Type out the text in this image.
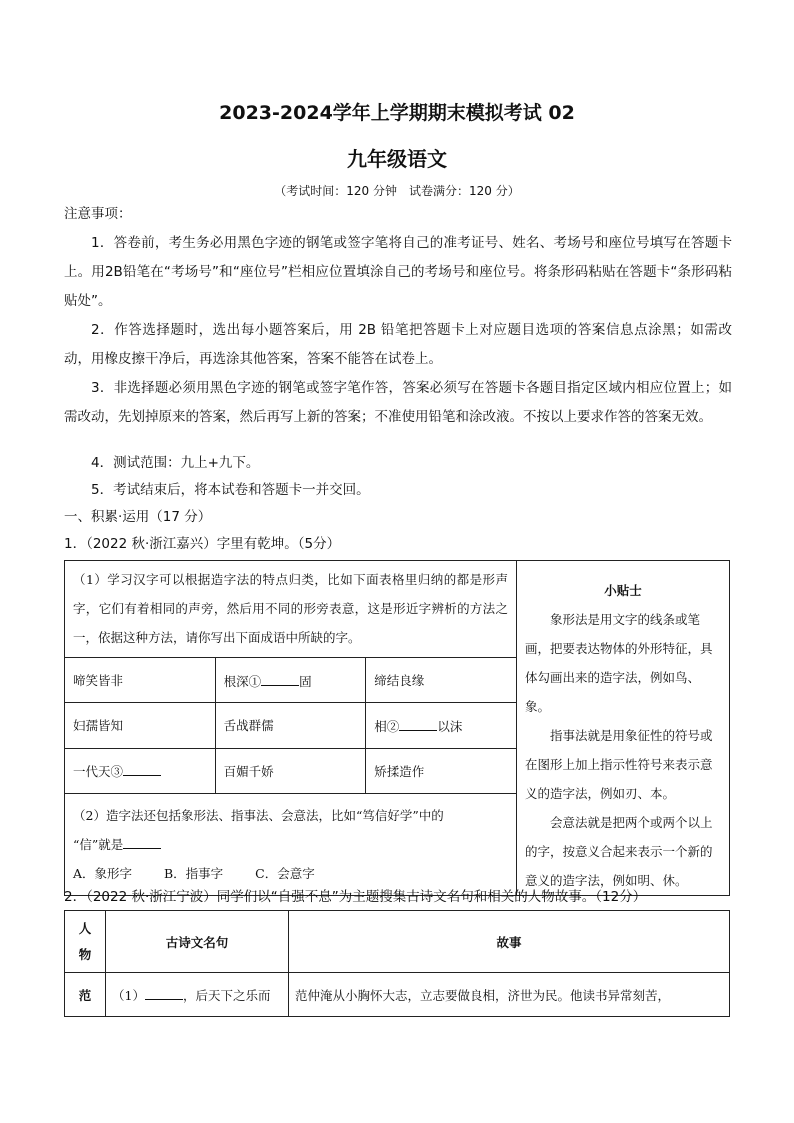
2023-2024学年上学期期末模拟考试 02
九年级语文
（考试时间：120 分钟　试卷满分：120 分）
注意事项：
1．答卷前，考生务必用黑色字迹的钢笔或签字笔将自己的准考证号、姓名、考场号和座位号填写在答题卡上。用2B铅笔在“考场号”和“座位号”栏相应位置填涂自己的考场号和座位号。将条形码粘贴在答题卡“条形码粘贴处”。
2．作答选择题时，选出每小题答案后，用 2B 铅笔把答题卡上对应题目选项的答案信息点涂黑；如需改动，用橡皮擦干净后，再选涂其他答案，答案不能答在试卷上。
3．非选择题必须用黑色字迹的钢笔或签字笔作答，答案必须写在答题卡各题目指定区域内相应位置上；如需改动，先划掉原来的答案，然后再写上新的答案；不准使用铅笔和涂改液。不按以上要求作答的答案无效。
4．测试范围：九上+九下。
5．考试结束后，将本试卷和答题卡一并交回。
一、积累·运用（17 分）
1．（2022 秋·浙江嘉兴）字里有乾坤。（5分）
（1）学习汉字可以根据造字法的特点归类，比如下面表格里归纳的都是形声字，它们有着相同的声旁，然后用不同的形旁表意，这是形近字辨析的方法之一，依据这种方法，请你写出下面成语中所缺的字。			小贴士

象形法是用文字的线条或笔画，把要表达物体的外形特征，具体勾画出来的造字法，例如鸟、象。

指事法就是用象征性的符号或在图形上加上指示性符号来表示意义的造字法，例如刃、本。

会意法就是把两个或两个以上的字，按意义合起来表示一个新的意义的造字法，例如明、休。

啼笑皆非	根深① 固	缔结良缘	
妇孺皆知	舌战群儒	相② 以沫	
一代天③	百媚千娇	矫揉造作	

（2）造字法还包括象形法、指事法、会意法，比如“笃信好学”中的
“信”就是
A．象形字 B．指事字 C．会意字			
2．（2022 秋·浙江宁波）同学们以“自强不息”为主题搜集古诗文名句和相关的人物故事。（12分）
人物	古诗文名句	故事
范	（1） ，后天下之乐而	范仲淹从小胸怀大志，立志要做良相，济世为民。他读书异常刻苦，
